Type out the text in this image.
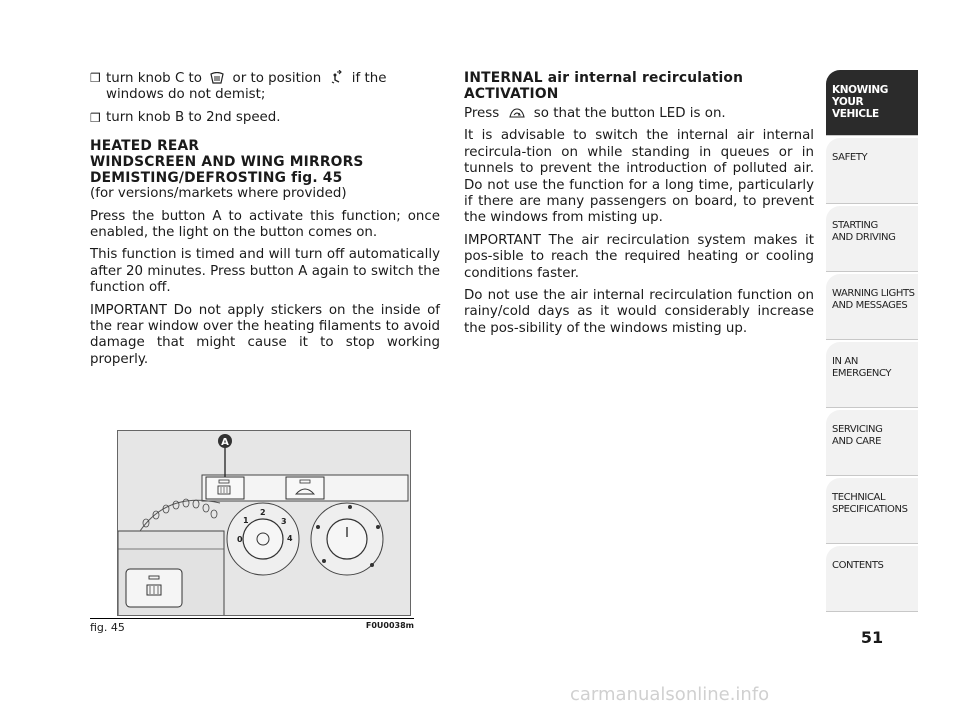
❒ turn knob C to or to position if the windows do not demist;
❒ turn knob B to 2nd speed.
HEATED REAR
WINDSCREEN AND WING MIRRORS
DEMISTING/DEFROSTING fig. 45
(for versions/markets where provided)

Press the button A to activate this function; once enabled, the light on the button comes on.

This function is timed and will turn off automatically after 20 minutes. Press button A again to switch the function off.

IMPORTANT Do not apply stickers on the inside of the rear window over the heating filaments to avoid damage that might cause it to stop working properly.

INTERNAL air internal recirculation
ACTIVATION

Press	so that the button LED is on.

It is advisable to switch the internal air internal recircula-tion on while standing in queues or in tunnels to prevent the introduction of polluted air. Do not use the function for a long time, particularly if there are many passengers on board, to prevent the windows from misting up.

IMPORTANT The air recirculation system makes it pos-sible to reach the required heating or cooling conditions faster.

Do not use the air internal recirculation function on rainy/cold days as it would considerably increase the pos-sibility of the windows misting up.

A
0
1
2
3
4
fig. 45	F0U0038m
KNOWING
YOUR
VEHICLE
SAFETY
STARTING
AND DRIVING
WARNING LIGHTS
AND MESSAGES
IN AN
EMERGENCY
SERVICING
AND CARE
TECHNICAL
SPECIFICATIONS
CONTENTS
51
carmanualsonline.info
